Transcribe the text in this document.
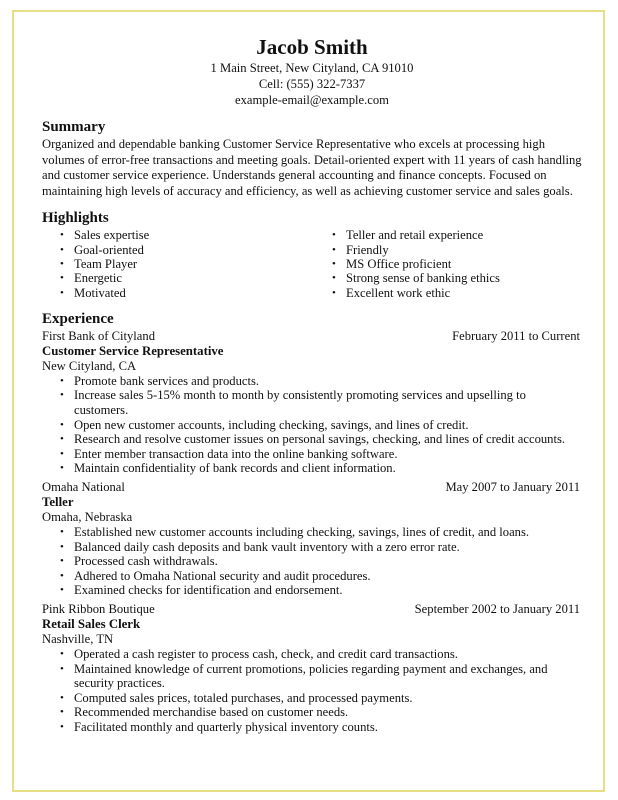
Jacob Smith
1 Main Street, New Cityland, CA 91010
Cell: (555) 322-7337
example-email@example.com
Summary
Organized and dependable banking Customer Service Representative who excels at processing high volumes of error-free transactions and meeting goals. Detail-oriented expert with 11 years of cash handling and customer service experience. Understands general accounting and finance concepts. Focused on maintaining high levels of accuracy and efficiency, as well as achieving customer service and sales goals.
Highlights
• Sales expertise
• Goal-oriented
• Team Player
• Energetic
• Motivated
• Teller and retail experience
• Friendly
• MS Office proficient
• Strong sense of banking ethics
• Excellent work ethic
Experience
First Bank of Cityland	February 2011 to Current
Customer Service Representative
New Cityland, CA
• Promote bank services and products.
• Increase sales 5-15% month to month by consistently promoting services and upselling to customers.
• Open new customer accounts, including checking, savings, and lines of credit.
• Research and resolve customer issues on personal savings, checking, and lines of credit accounts.
• Enter member transaction data into the online banking software.
• Maintain confidentiality of bank records and client information.
Omaha National	May 2007 to January 2011
Teller
Omaha, Nebraska
• Established new customer accounts including checking, savings, lines of credit, and loans.
• Balanced daily cash deposits and bank vault inventory with a zero error rate.
• Processed cash withdrawals.
• Adhered to Omaha National security and audit procedures.
• Examined checks for identification and endorsement.
Pink Ribbon Boutique	September 2002 to January 2011
Retail Sales Clerk
Nashville, TN
• Operated a cash register to process cash, check, and credit card transactions.
• Maintained knowledge of current promotions, policies regarding payment and exchanges, and security practices.
• Computed sales prices, totaled purchases, and processed payments.
• Recommended merchandise based on customer needs.
• Facilitated monthly and quarterly physical inventory counts.
